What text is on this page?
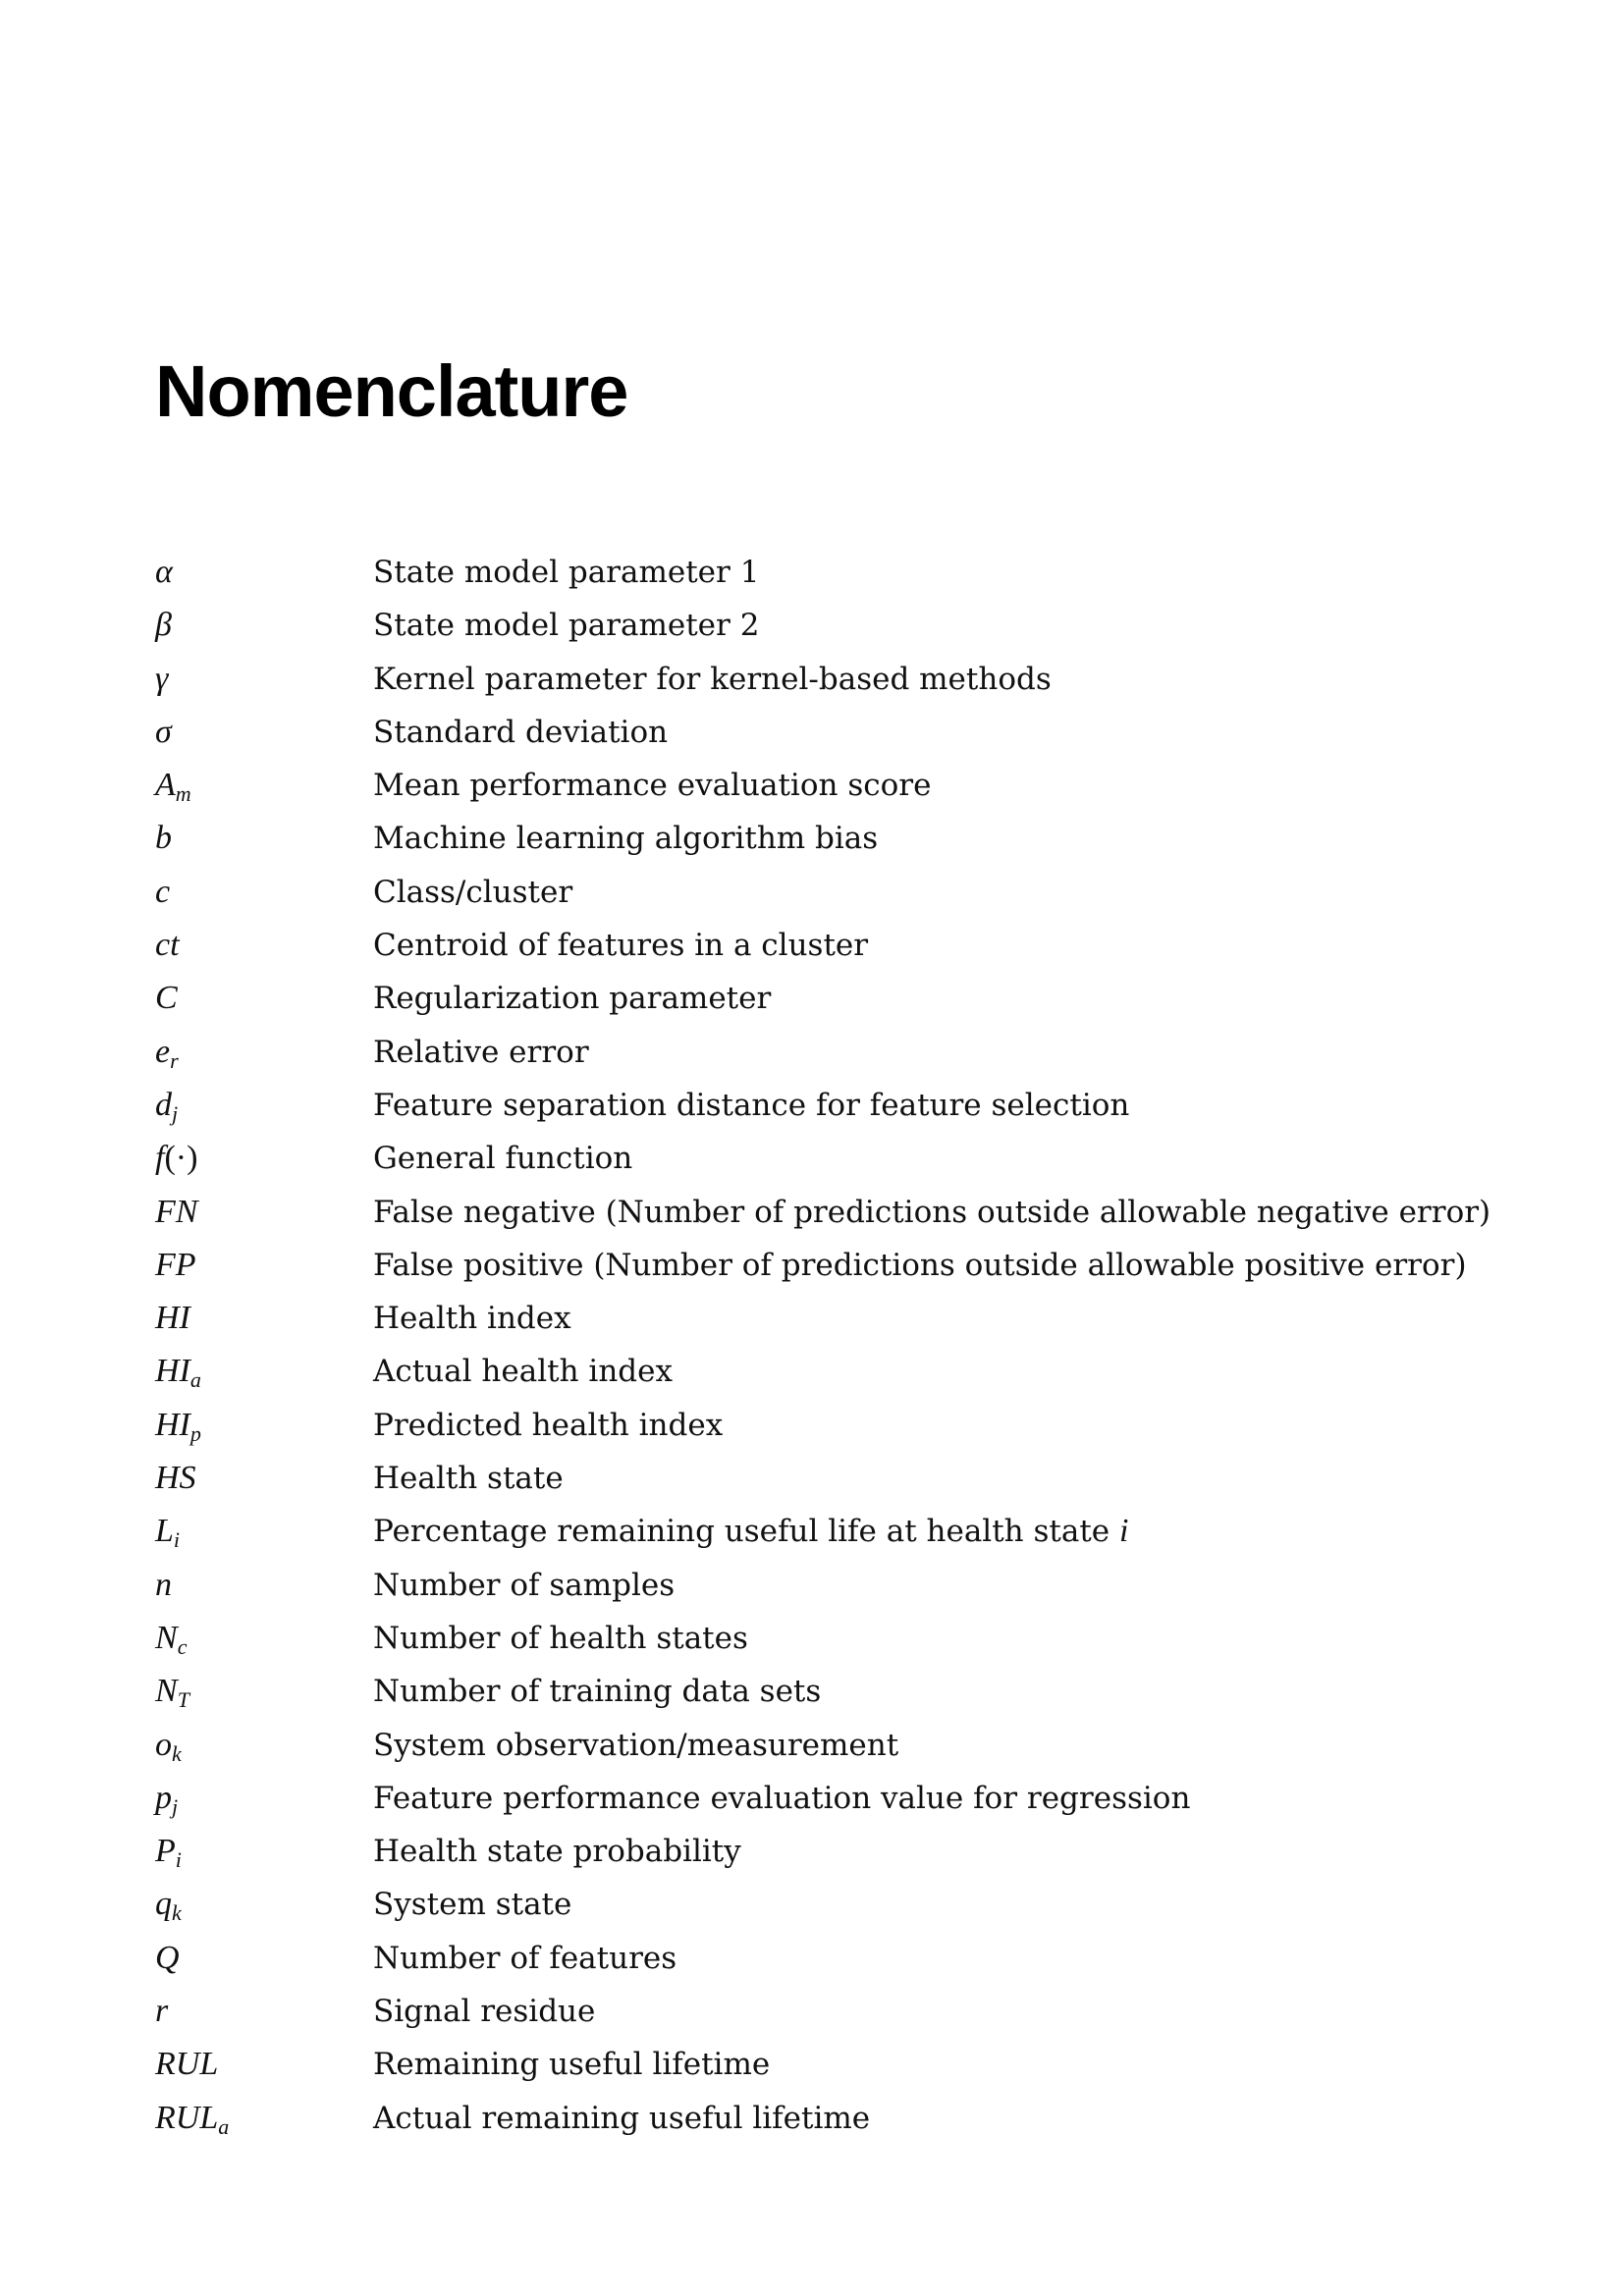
Nomenclature
α	State model parameter 1
β	State model parameter 2
γ	Kernel parameter for kernel-based methods
σ	Standard deviation
$A_m$	Mean performance evaluation score
b	Machine learning algorithm bias
c	Class/cluster
ct	Centroid of features in a cluster
C	Regularization parameter
$e_r$	Relative error
$d_j$	Feature separation distance for feature selection
f(·)	General function
FN	False negative (Number of predictions outside allowable negative error)
FP	False positive (Number of predictions outside allowable positive error)
HI	Health index
$HI_a$	Actual health index
$HI_p$	Predicted health index
HS	Health state
$L_i$	Percentage remaining useful life at health state i
n	Number of samples
$N_c$	Number of health states
$N_T$	Number of training data sets
$o_k$	System observation/measurement
$p_j$	Feature performance evaluation value for regression
$P_i$	Health state probability
$q_k$	System state
Q	Number of features
r	Signal residue
RUL	Remaining useful lifetime
$RUL_a$	Actual remaining useful lifetime
